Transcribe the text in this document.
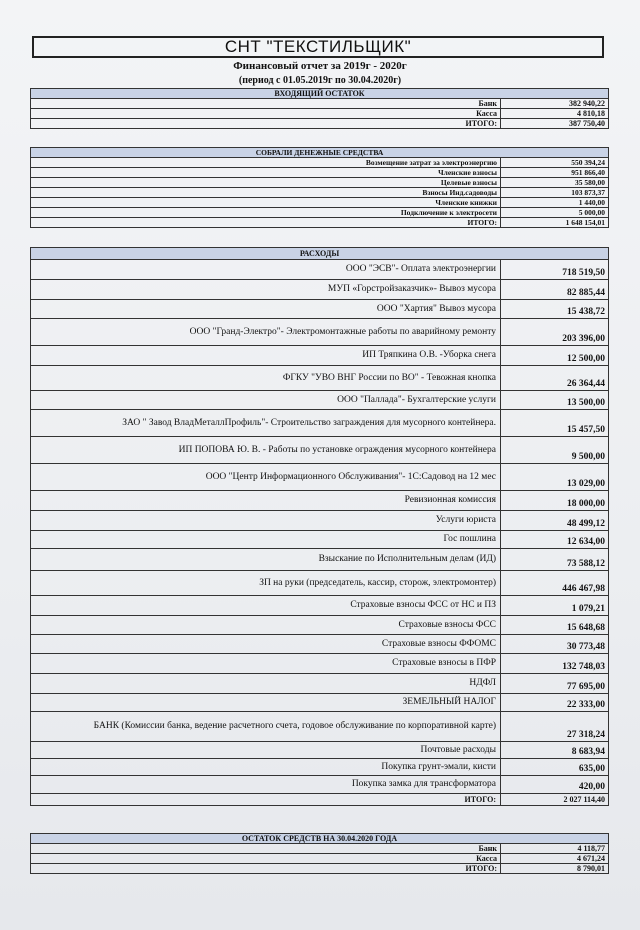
СНТ "ТЕКСТИЛЬЩИК"
Финансовый отчет за 2019г - 2020г
(период с 01.05.2019г по 30.04.2020г)
ВХОДЯЩИЙ ОСТАТОК	
Банк	382 940,22
Касса	4 810,18
ИТОГО:	387 750,40
СОБРАЛИ ДЕНЕЖНЫЕ СРЕДСТВА	
Возмещение затрат за электроэнергию	550 394,24
Членские взносы	951 866,40
Целевые взносы	35 580,00
Взносы Инд.садоводы	103 873,37
Членские книжки	1 440,00
Подключение к электросети	5 000,00
ИТОГО:	1 648 154,01
РАСХОДЫ	
ООО "ЭСВ"- Оплата электроэнергии	718 519,50
МУП «Горстройзаказчик»- Вывоз мусора	82 885,44
ООО "Хартия" Вывоз мусора	15 438,72
ООО "Гранд-Электро"- Электромонтажные работы по аварийному ремонту	203 396,00
ИП Тряпкина О.В. -Уборка снега	12 500,00
ФГКУ "УВО ВНГ России по ВО" - Тевожная кнопка	26 364,44
ООО "Паллада"- Бухгалтерские услуги	13 500,00
ЗАО " Завод ВладМеталлПрофиль"- Строительство заграждения для мусорного контейнера.	15 457,50
ИП ПОПОВА Ю. В. - Работы по установке ограждения мусорного контейнера	9 500,00
ООО "Центр Информационного Обслуживания"- 1С:Садовод на 12 мес	13 029,00
Ревизионная комиссия	18 000,00
Услуги юриста	48 499,12
Гос пошлина	12 634,00
Взыскание по Исполнительным делам (ИД)	73 588,12
ЗП на руки (председатель, кассир, сторож, электромонтер)	446 467,98
Страховые взносы ФСС от НС и ПЗ	1 079,21
Страховые взносы ФСС	15 648,68
Страховые взносы ФФОМС	30 773,48
Страховые взносы в ПФР	132 748,03
НДФЛ	77 695,00
ЗЕМЕЛЬНЫЙ НАЛОГ	22 333,00
БАНК (Комиссии банка, ведение расчетного счета, годовое обслуживание по корпоративной карте)	27 318,24
Почтовые расходы	8 683,94
Покупка грунт-эмали, кисти	635,00
Покупка замка для трансформатора	420,00
ИТОГО:	2 027 114,40
ОСТАТОК СРЕДСТВ НА 30.04.2020 ГОДА	
Банк	4 118,77
Касса	4 671,24
ИТОГО:	8 790,01
